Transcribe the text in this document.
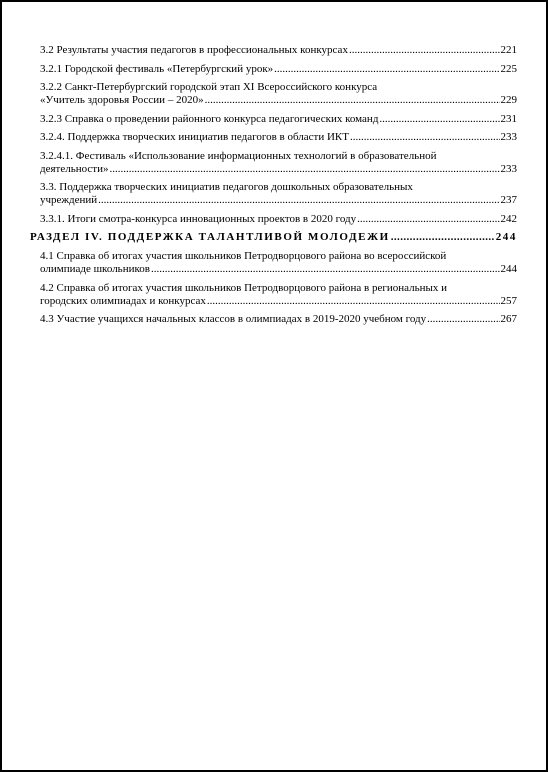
3.2 Результаты участия педагогов в профессиональных конкурсах .....	221
3.2.1 Городской фестиваль «Петербургский урок» .....	225
3.2.2 Санкт-Петербургский городской этап XI Всероссийского конкурса
«Учитель здоровья России – 2020» .....	229
3.2.3 Справка о проведении районного конкурса педагогических команд .....	231
3.2.4. Поддержка творческих инициатив педагогов в области ИКТ .....	233
3.2.4.1. Фестиваль «Использование информационных технологий в образовательной
деятельности» .....	233
3.3. Поддержка творческих инициатив педагогов дошкольных образовательных
учреждений .....	237
3.3.1. Итоги смотра-конкурса инновационных проектов в 2020 году .....	242
РАЗДЕЛ IV. ПОДДЕРЖКА ТАЛАНТЛИВОЙ МОЛОДЕЖИ .....	244
4.1 Справка об итогах участия школьников Петродворцового района во всероссийской
олимпиаде школьников .....	244
4.2 Справка об итогах участия школьников Петродворцового района в региональных и
городских олимпиадах и конкурсах .....	257
4.3 Участие учащихся начальных классов в олимпиадах в 2019-2020 учебном году .....	267
